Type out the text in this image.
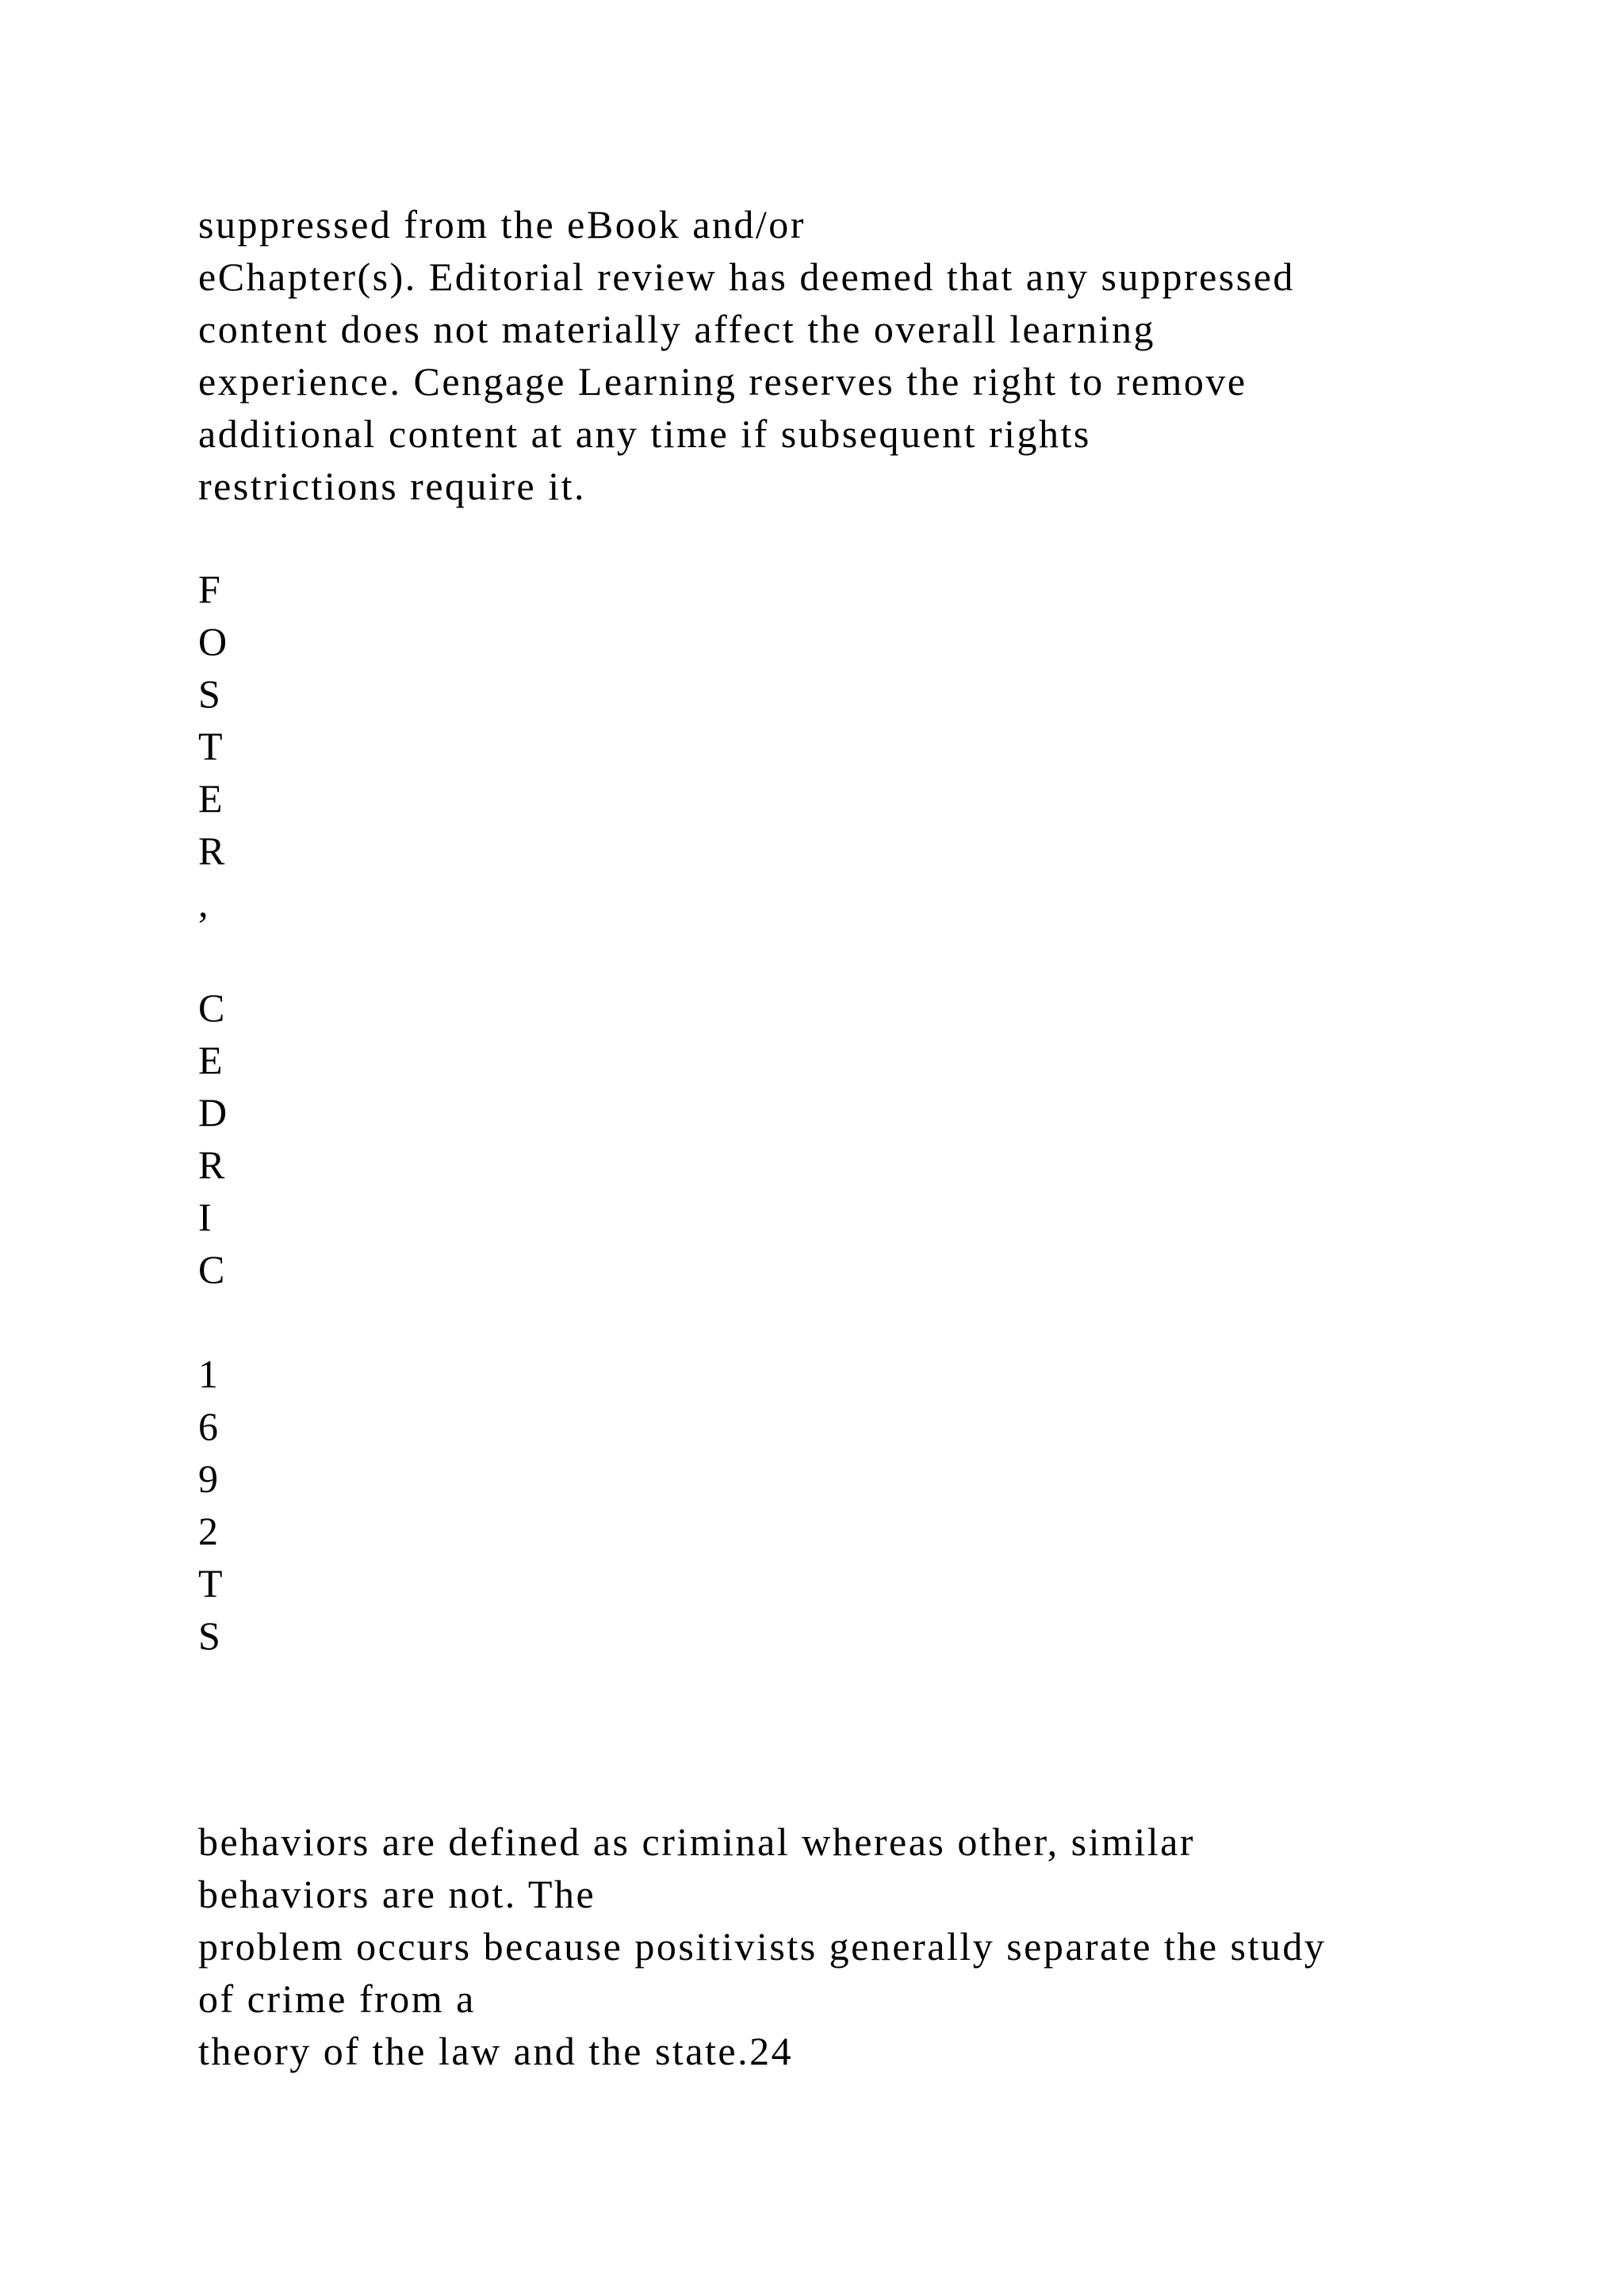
suppressed from the eBook and/or
eChapter(s). Editorial review has deemed that any suppressed
content does not materially affect the overall learning
experience. Cengage Learning reserves the right to remove
additional content at any time if subsequent rights
restrictions require it.
F
O
S
T
E
R
,
C
E
D
R
I
C
1
6
9
2
T
S
behaviors are defined as criminal whereas other, similar
behaviors are not. The
problem occurs because positivists generally separate the study
of crime from a
theory of the law and the state.24
